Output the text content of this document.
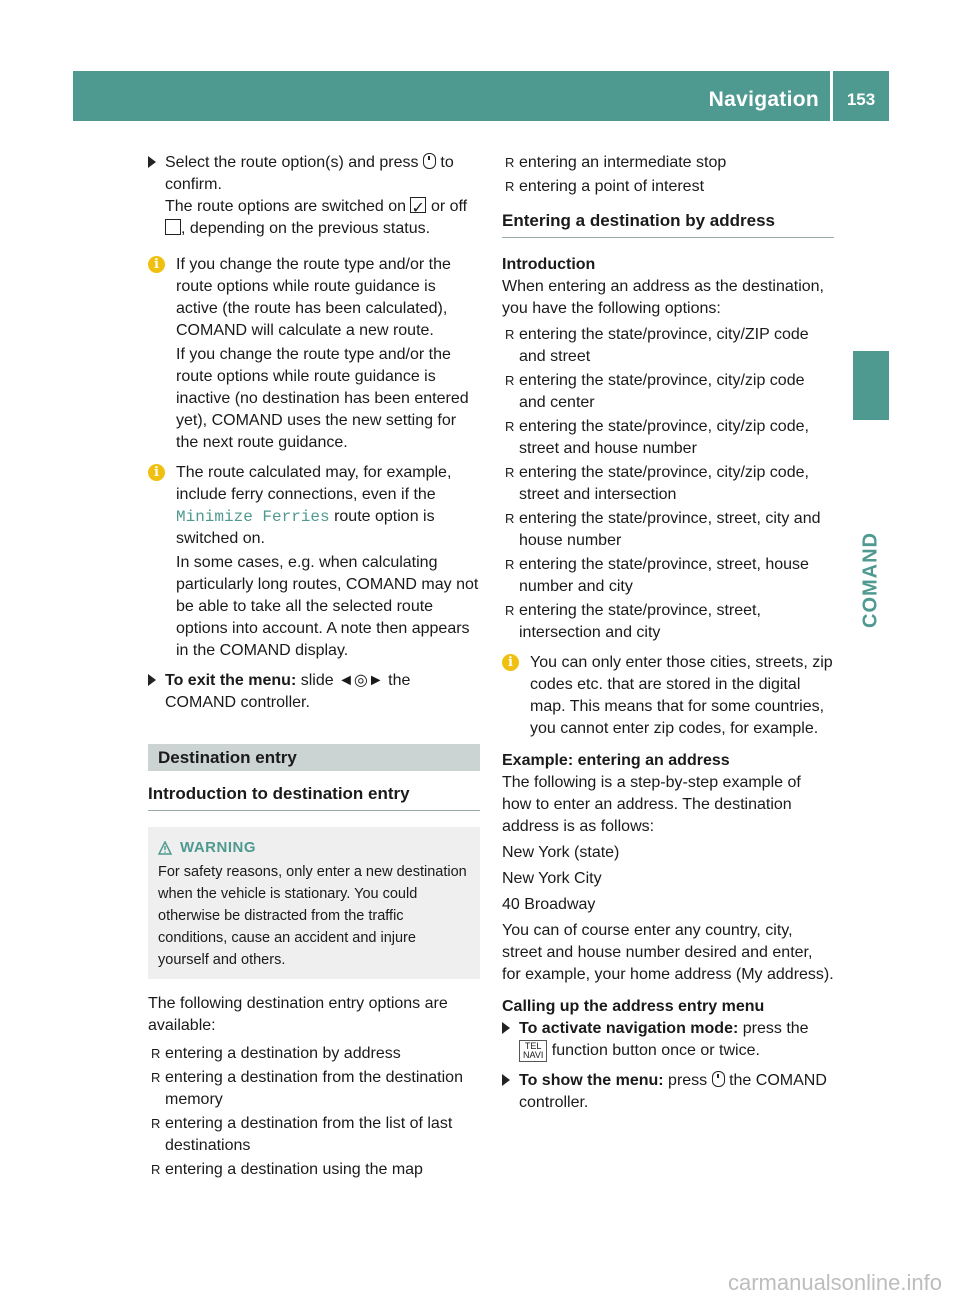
Navigation	153
COMAND

Select the route option(s) and press to confirm.
The route options are switched on ✓ or off
, depending on the previous status.

i	If you change the route type and/or the route options while route guidance is active (the route has been calculated), COMAND will calculate a new route.

If you change the route type and/or the route options while route guidance is inactive (no destination has been entered yet), COMAND uses the new setting for the next route guidance.

i	The route calculated may, for example, include ferry connections, even if the Minimize Ferries route option is switched on.

In some cases, e.g. when calculating particularly long routes, COMAND may not be able to take all the selected route options into account. A note then appears in the COMAND display.

To exit the menu: slide ◄◎► the COMAND controller.

Destination entry
Introduction to destination entry
WARNING

For safety reasons, only enter a new destination when the vehicle is stationary. You could otherwise be distracted from the traffic conditions, cause an accident and injure yourself and others.

The following destination entry options are available:

R entering a destination by address
R entering a destination from the destination memory
R entering a destination from the list of last destinations
R entering a destination using the map
R entering an intermediate stop
R entering a point of interest
Entering a destination by address

Introduction

When entering an address as the destination, you have the following options:

R entering the state/province, city/ZIP code and street
R entering the state/province, city/zip code and center
R entering the state/province, city/zip code, street and house number
R entering the state/province, city/zip code, street and intersection
R entering the state/province, street, city and house number
R entering the state/province, street, house number and city
R entering the state/province, street, intersection and city
i	You can only enter those cities, streets, zip codes etc. that are stored in the digital map. This means that for some countries, you cannot enter zip codes, for example.

Example: entering an address

The following is a step-by-step example of how to enter an address. The destination address is as follows:

New York (state)

New York City

40 Broadway

You can of course enter any country, city, street and house number desired and enter, for example, your home address (My address).

Calling up the address entry menu

To activate navigation mode: press the
TEL
NAVI function button once or twice.

To show the menu: press the COMAND controller.

carmanualsonline.info
